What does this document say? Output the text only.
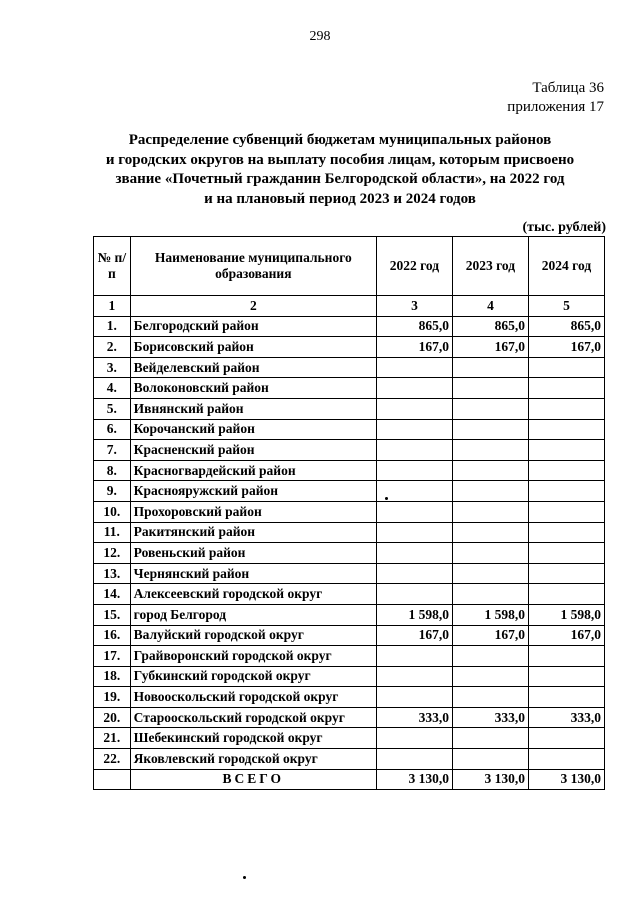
298
Таблица 36
приложения 17
Распределение субвенций бюджетам муниципальных районов
и городских округов на выплату пособия лицам, которым присвоено
звание «Почетный гражданин Белгородской области», на 2022 год
и на плановый период 2023 и 2024 годов
(тыс. рублей)
№ п/п	Наименование муниципального образования	2022 год	2023 год	2024 год
1	2	3	4	5
1.	Белгородский район	865,0	865,0	865,0
2.	Борисовский район	167,0	167,0	167,0
3.	Вейделевский район			
4.	Волоконовский район			
5.	Ивнянский район			
6.	Корочанский район			
7.	Красненский район			
8.	Красногвардейский район			
9.	Краснояружский район			
10.	Прохоровский район			
11.	Ракитянский район			
12.	Ровеньский район			
13.	Чернянский район			
14.	Алексеевский городской округ			
15.	город Белгород	1 598,0	1 598,0	1 598,0
16.	Валуйский городской округ	167,0	167,0	167,0
17.	Грайворонский городской округ			
18.	Губкинский городской округ			
19.	Новооскольский городской округ			
20.	Старооскольский городской округ	333,0	333,0	333,0
21.	Шебекинский городской округ			
22.	Яковлевский городской округ			
	ВСЕГО	3 130,0	3 130,0	3 130,0
